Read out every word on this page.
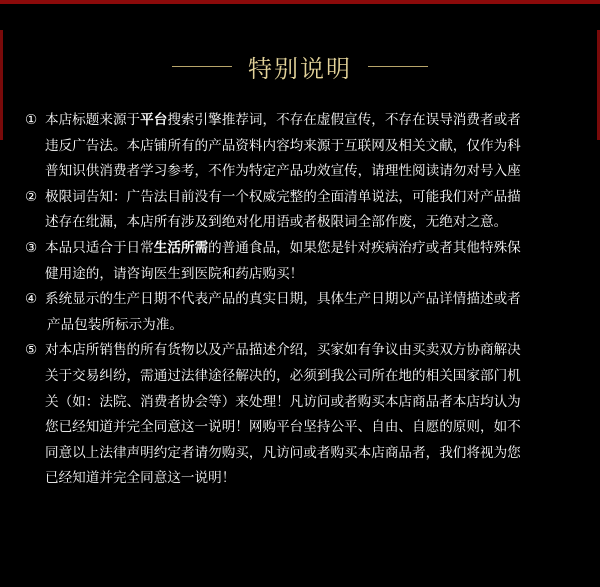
特别说明
① 本店标题来源于平台搜索引擎推荐词，不存在虚假宣传，不存在误导消费者或者
违反广告法。本店铺所有的产品资料内容均来源于互联网及相关文献，仅作为科
普知识供消费者学习参考，不作为特定产品功效宣传，请理性阅读请勿对号入座
② 极限词告知：广告法目前没有一个权威完整的全面清单说法，可能我们对产品描
述存在纰漏，本店所有涉及到绝对化用语或者极限词全部作废，无绝对之意。
③ 本品只适合于日常生活所需的普通食品，如果您是针对疾病治疗或者其他特殊保
健用途的，请咨询医生到医院和药店购买！
④ 系统显示的生产日期不代表产品的真实日期，具体生产日期以产品详情描述或者
产品包装所标示为准。
⑤ 对本店所销售的所有货物以及产品描述介绍，买家如有争议由买卖双方协商解决
关于交易纠纷，需通过法律途径解决的，必须到我公司所在地的相关国家部门机
关（如：法院、消费者协会等）来处理！凡访问或者购买本店商品者本店均认为
您已经知道并完全同意这一说明！网购平台坚持公平、自由、自愿的原则，如不
同意以上法律声明约定者请勿购买，凡访问或者购买本店商品者，我们将视为您
已经知道并完全同意这一说明！
